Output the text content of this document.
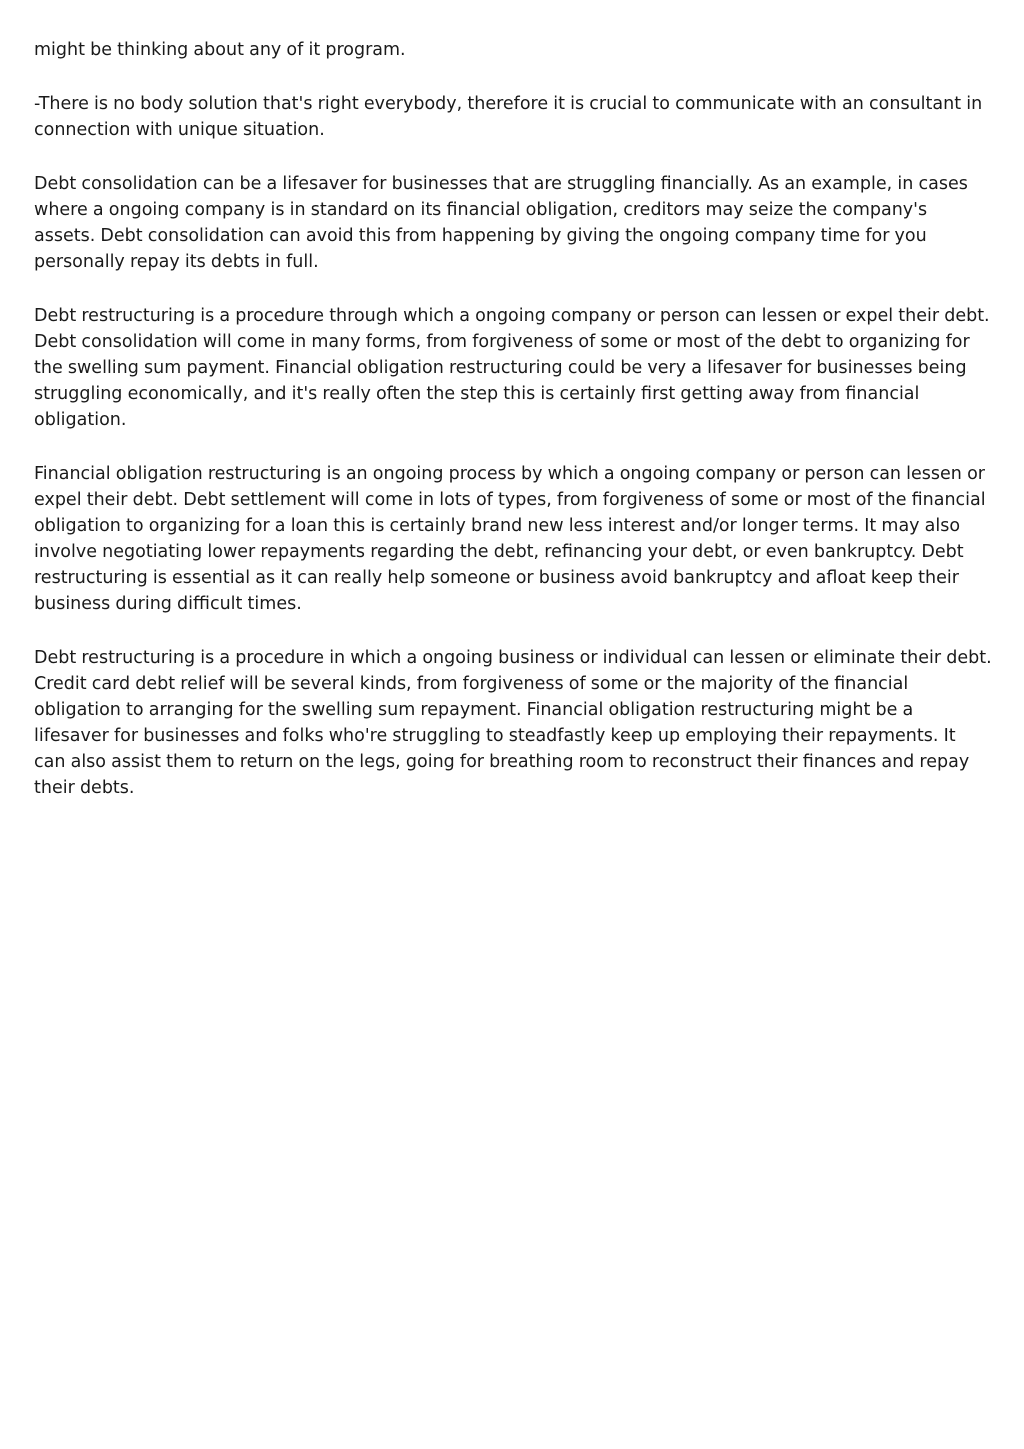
might be thinking about any of it program.

-There is no body solution that's right everybody, therefore it is crucial to communicate with an consultant in connection with unique situation.

Debt consolidation can be a lifesaver for businesses that are struggling financially. As an example, in cases where a ongoing company is in standard on its financial obligation, creditors may seize the company's assets. Debt consolidation can avoid this from happening by giving the ongoing company time for you personally repay its debts in full.

Debt restructuring is a procedure through which a ongoing company or person can lessen or expel their debt. Debt consolidation will come in many forms, from forgiveness of some or most of the debt to organizing for the swelling sum payment. Financial obligation restructuring could be very a lifesaver for businesses being struggling economically, and it's really often the step this is certainly first getting away from financial obligation.

Financial obligation restructuring is an ongoing process by which a ongoing company or person can lessen or expel their debt. Debt settlement will come in lots of types, from forgiveness of some or most of the financial obligation to organizing for a loan this is certainly brand new less interest and/or longer terms. It may also involve negotiating lower repayments regarding the debt, refinancing your debt, or even bankruptcy. Debt restructuring is essential as it can really help someone or business avoid bankruptcy and afloat keep their business during difficult times.

Debt restructuring is a procedure in which a ongoing business or individual can lessen or eliminate their debt. Credit card debt relief will be several kinds, from forgiveness of some or the majority of the financial obligation to arranging for the swelling sum repayment. Financial obligation restructuring might be a lifesaver for businesses and folks who're struggling to steadfastly keep up employing their repayments. It can also assist them to return on the legs, going for breathing room to reconstruct their finances and repay their debts.
